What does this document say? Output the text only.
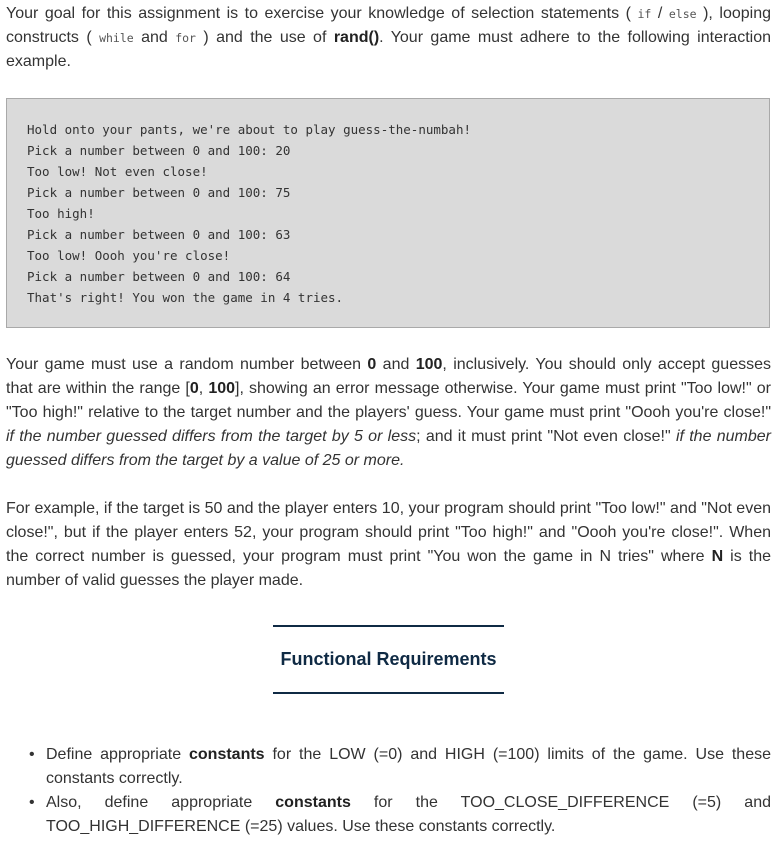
Your goal for this assignment is to exercise your knowledge of selection statements ( if / else ), looping constructs ( while and for ) and the use of rand(). Your game must adhere to the following interaction example.

Hold onto your pants, we're about to play guess-the-numbah!
Pick a number between 0 and 100: 20
Too low! Not even close!
Pick a number between 0 and 100: 75
Too high!
Pick a number between 0 and 100: 63
Too low! Oooh you're close!
Pick a number between 0 and 100: 64
That's right! You won the game in 4 tries.

Your game must use a random number between 0 and 100, inclusively. You should only accept guesses that are within the range [0, 100], showing an error message otherwise. Your game must print "Too low!" or "Too high!" relative to the target number and the players' guess. Your game must print "Oooh you're close!" if the number guessed differs from the target by 5 or less; and it must print "Not even close!" if the number guessed differs from the target by a value of 25 or more.

For example, if the target is 50 and the player enters 10, your program should print "Too low!" and "Not even close!", but if the player enters 52, your program should print "Too high!" and "Oooh you're close!". When the correct number is guessed, your program must print "You won the game in N tries" where N is the number of valid guesses the player made.

Functional Requirements
• Define appropriate constants for the LOW (=0) and HIGH (=100) limits of the game. Use these constants correctly.
• Also, define appropriate constants for the TOO_CLOSE_DIFFERENCE (=5) and TOO_HIGH_DIFFERENCE (=25) values. Use these constants correctly.
